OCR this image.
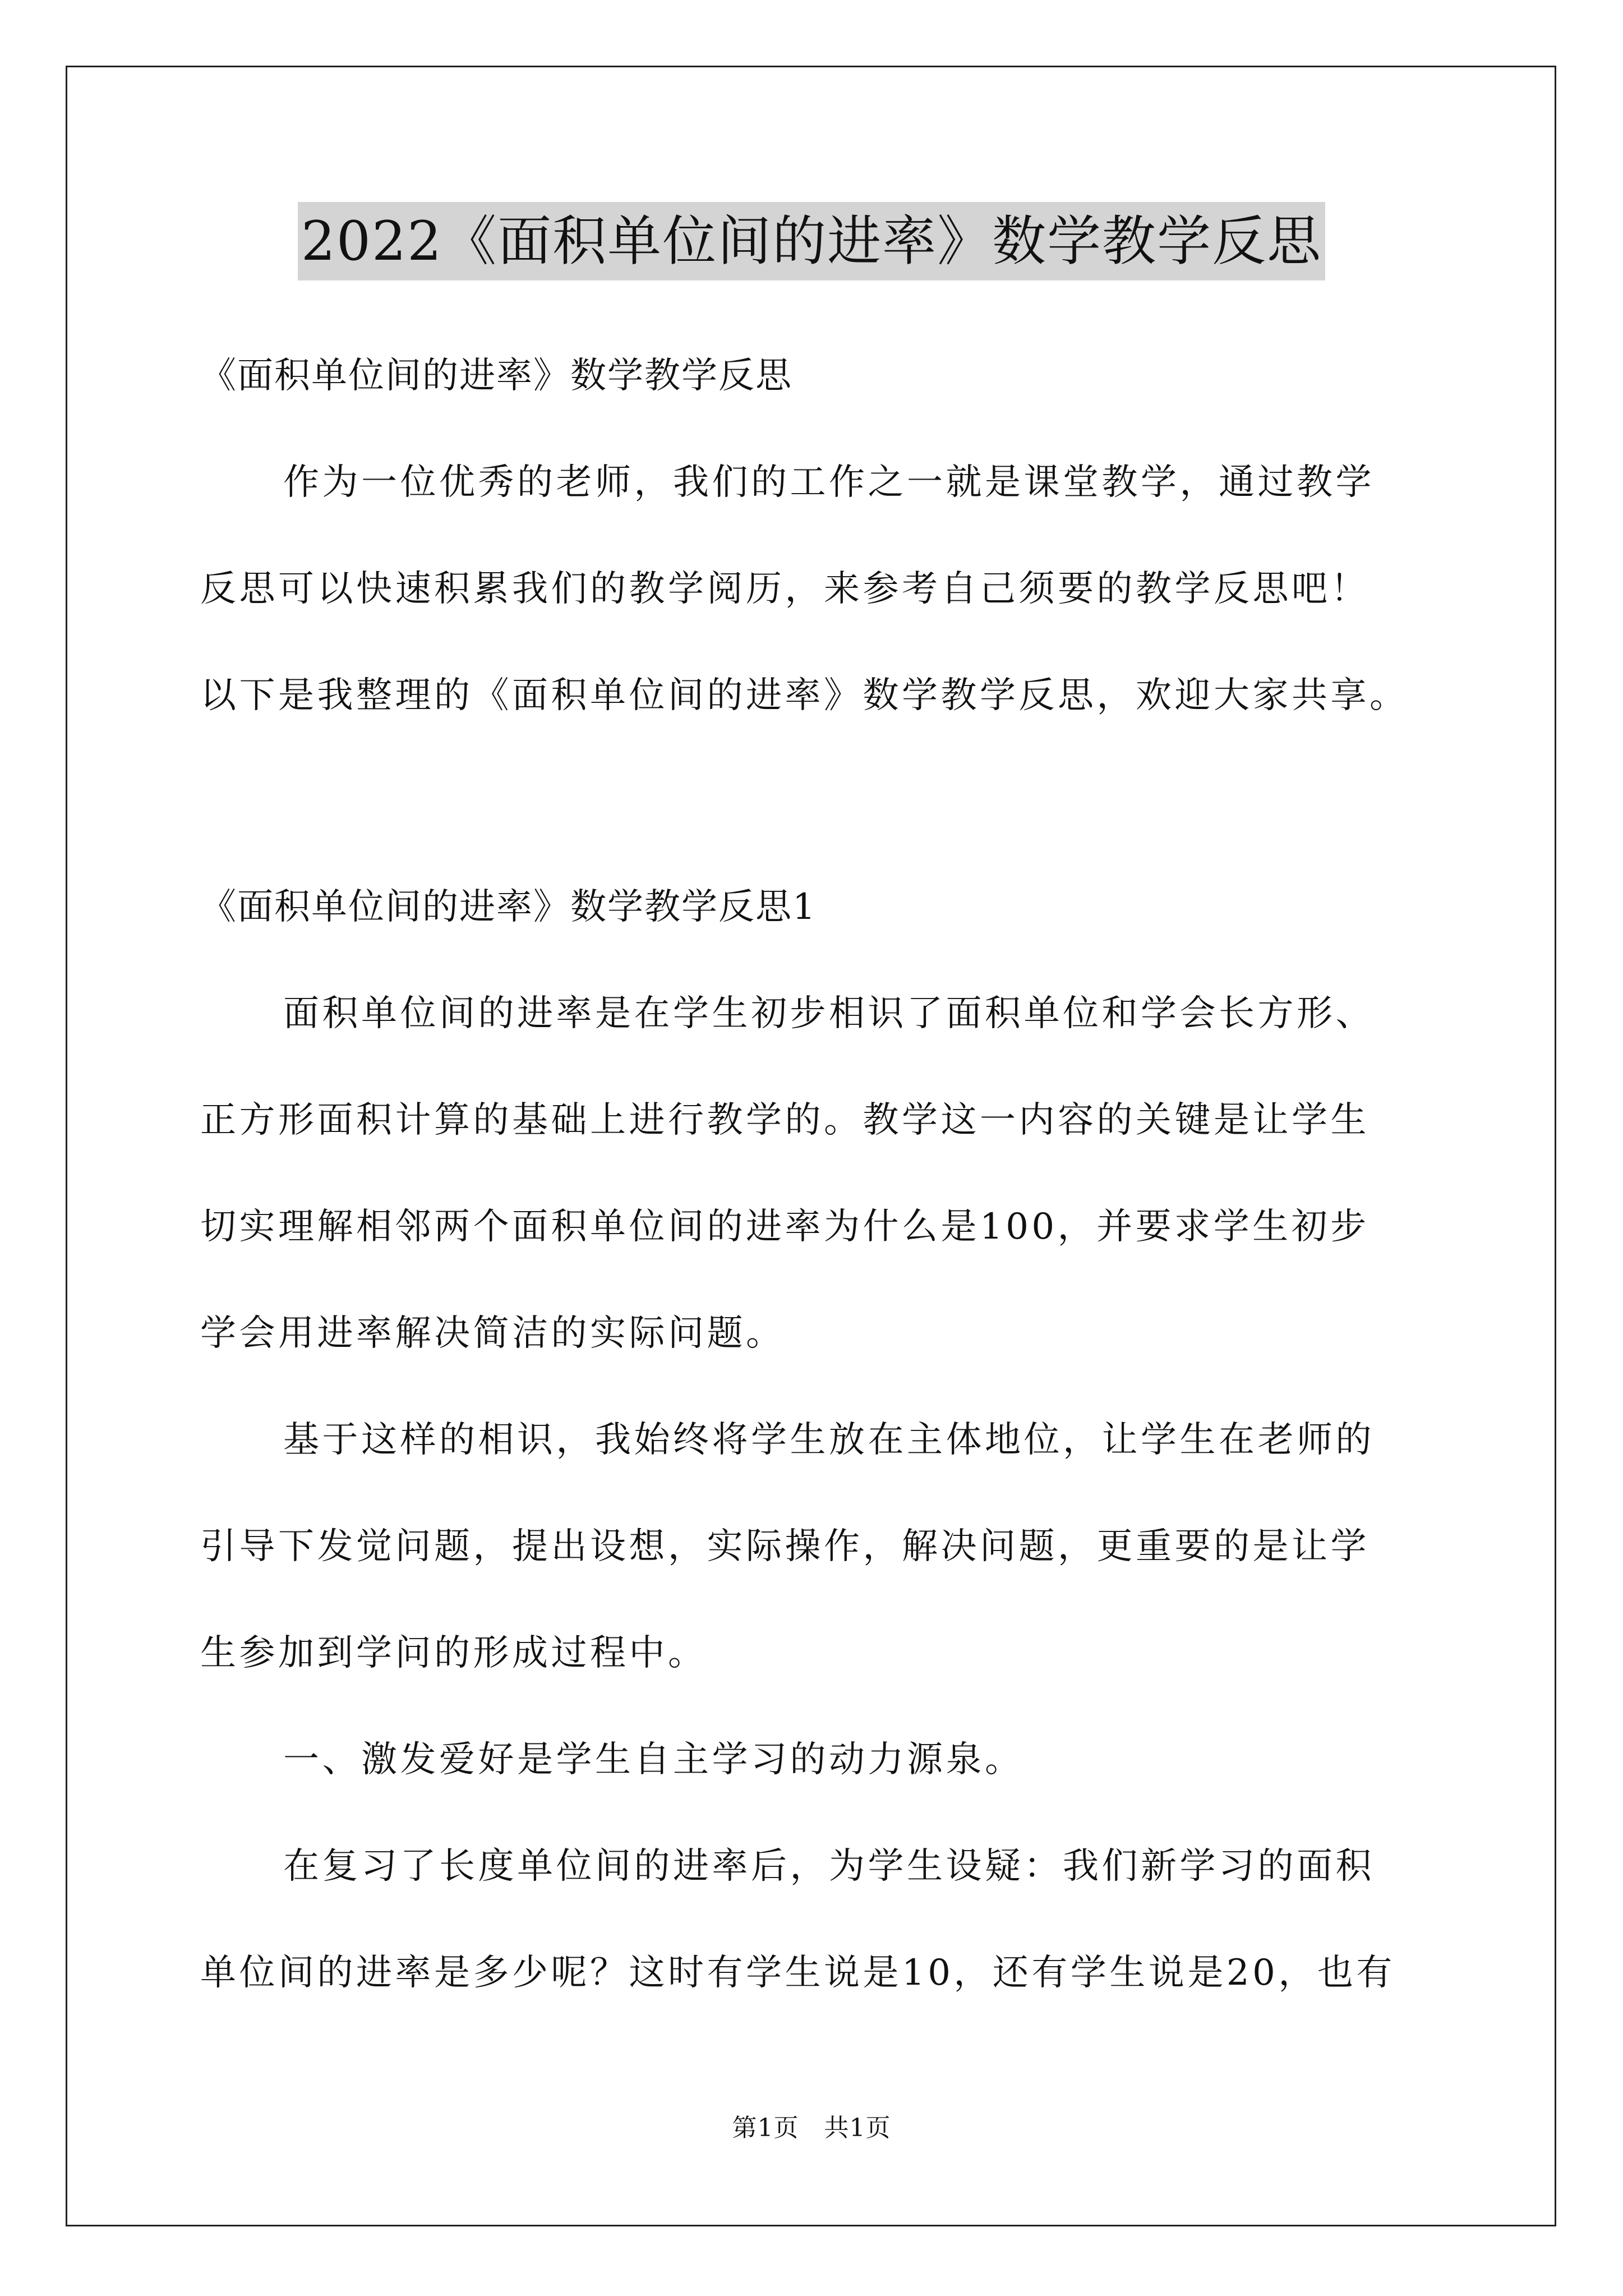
2022《面积单位间的进率》数学教学反思
《面积单位间的进率》数学教学反思
作为一位优秀的老师，我们的工作之一就是课堂教学，通过教学
反思可以快速积累我们的教学阅历，来参考自己须要的教学反思吧！
以下是我整理的《面积单位间的进率》数学教学反思，欢迎大家共享。
《面积单位间的进率》数学教学反思1
面积单位间的进率是在学生初步相识了面积单位和学会长方形、
正方形面积计算的基础上进行教学的。教学这一内容的关键是让学生
切实理解相邻两个面积单位间的进率为什么是100，并要求学生初步
学会用进率解决简洁的实际问题。
基于这样的相识，我始终将学生放在主体地位，让学生在老师的
引导下发觉问题，提出设想，实际操作，解决问题，更重要的是让学
生参加到学问的形成过程中。
一、激发爱好是学生自主学习的动力源泉。
在复习了长度单位间的进率后，为学生设疑：我们新学习的面积
单位间的进率是多少呢？这时有学生说是10，还有学生说是20，也有
第1页　共1页
